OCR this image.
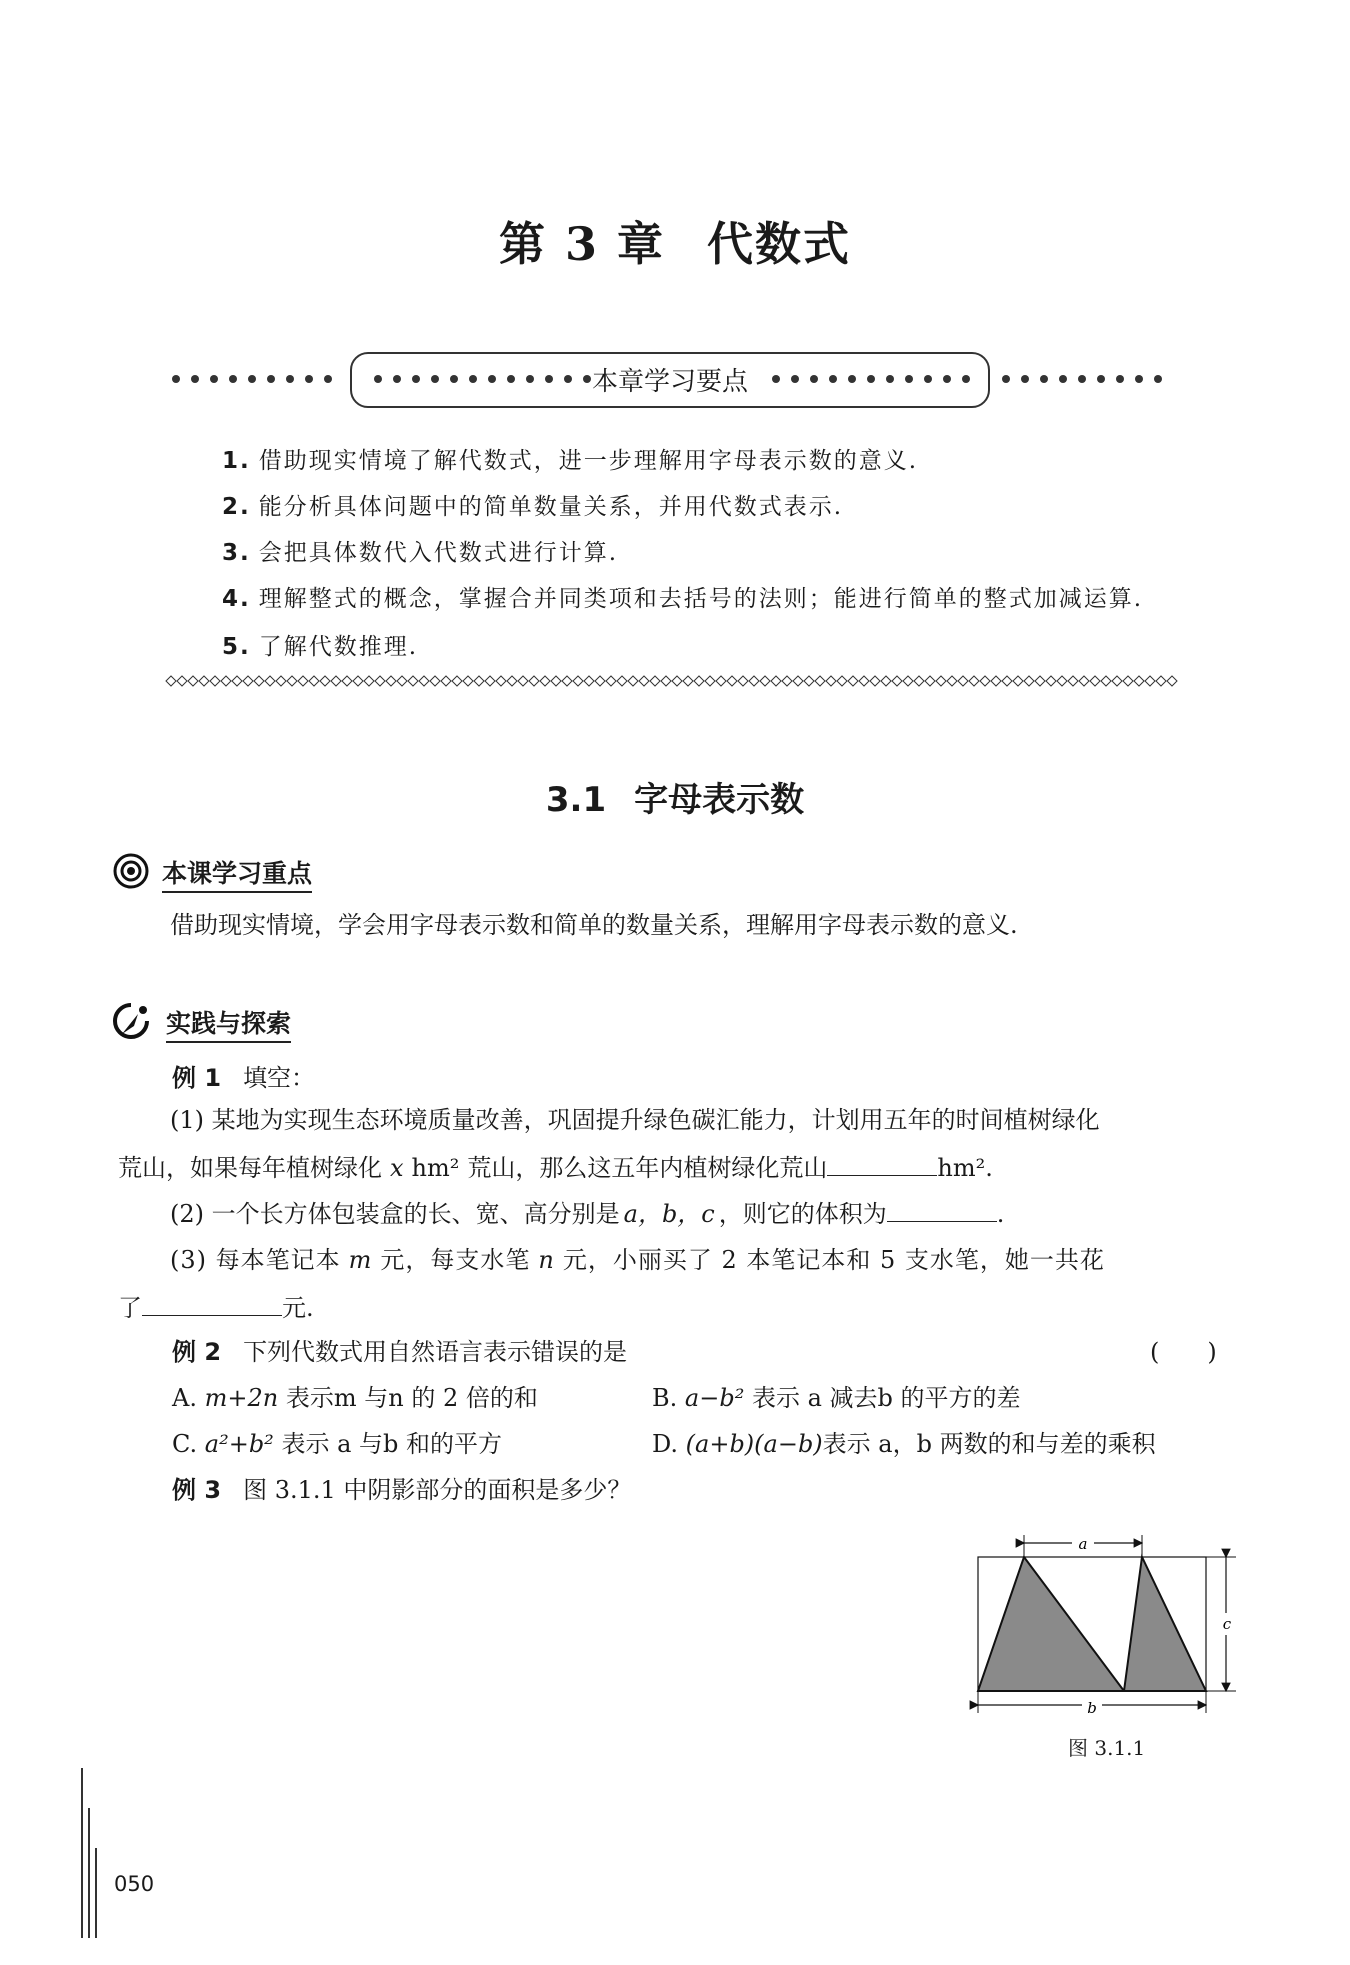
第 3 章 代数式
本章学习要点
1. 借助现实情境了解代数式，进一步理解用字母表示数的意义.
2. 能分析具体问题中的简单数量关系，并用代数式表示.
3. 会把具体数代入代数式进行计算.
4. 理解整式的概念，掌握合并同类项和去括号的法则；能进行简单的整式加减运算.
5. 了解代数推理.
3.1 字母表示数
本课学习重点
借助现实情境，学会用字母表示数和简单的数量关系，理解用字母表示数的意义.
实践与探索
例 1 填空：
(1) 某地为实现生态环境质量改善，巩固提升绿色碳汇能力，计划用五年的时间植树绿化
荒山，如果每年植树绿化 x hm² 荒山，那么这五年内植树绿化荒山	hm².
(2) 一个长方体包装盒的长、宽、高分别是 a，b，c ，则它的体积为	.
(3) 每本笔记本 m 元，每支水笔 n 元，小丽买了 2 本笔记本和 5 支水笔，她一共花
了	元.
例 2 下列代数式用自然语言表示错误的是	(　　)
A. m+2n 表示m 与n 的 2 倍的和	B. a−b² 表示 a 减去b 的平方的差
C. a²+b² 表示 a 与b 和的平方	D. (a+b)(a−b)表示 a，b 两数的和与差的乘积
例 3 图 3.1.1 中阴影部分的面积是多少？
a
c
b
图 3.1.1
050
